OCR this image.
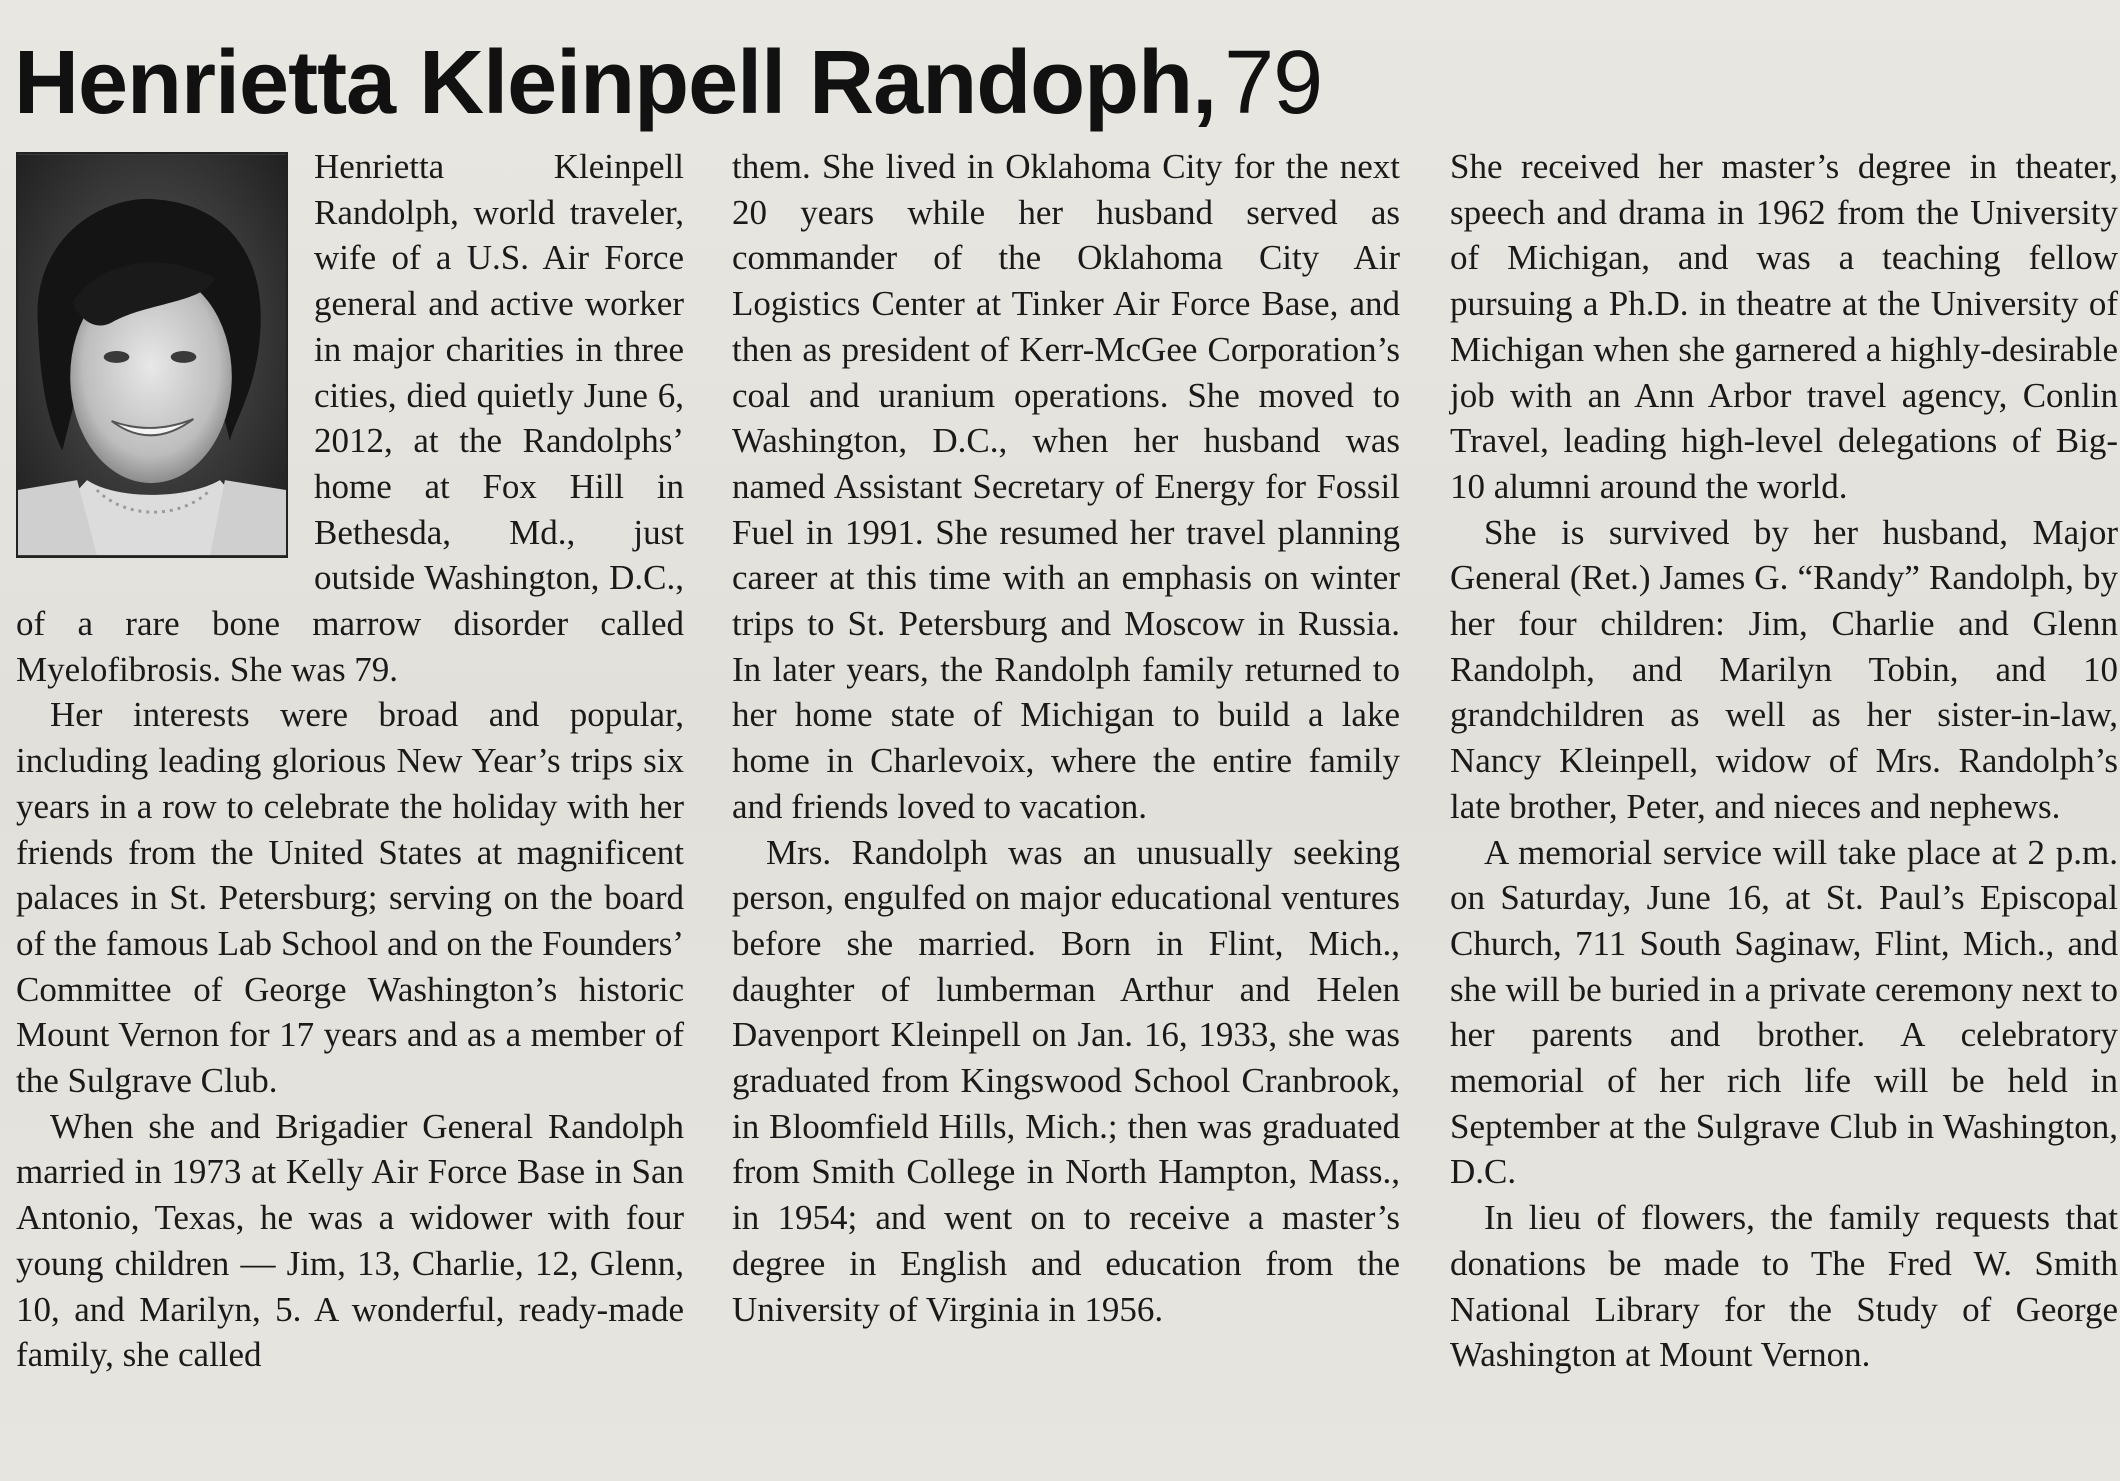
Henrietta Kleinpell Randoph,79

Henrietta Kleinpell Randolph, world traveler, wife of a U.S. Air Force general and active worker in major charities in three cities, died quietly June 6, 2012, at the Randolphs’ home at Fox Hill in Bethesda, Md., just outside Washington, D.C., of a rare bone marrow disorder called Myelofibrosis. She was 79.

Her interests were broad and popular, including leading glorious New Year’s trips six years in a row to celebrate the holiday with her friends from the United States at magnificent palaces in St. Petersburg; serving on the board of the famous Lab School and on the Founders’ Committee of George Washington’s historic Mount Vernon for 17 years and as a member of the Sulgrave Club.

When she and Brigadier General Randolph married in 1973 at Kelly Air Force Base in San Antonio, Texas, he was a widower with four young children — Jim, 13, Charlie, 12, Glenn, 10, and Marilyn, 5. A wonderful, ready-made family, she called

them. She lived in Oklahoma City for the next 20 years while her husband served as commander of the Oklahoma City Air Logistics Center at Tinker Air Force Base, and then as president of Kerr-McGee Corporation’s coal and uranium operations. She moved to Washington, D.C., when her husband was named Assistant Secretary of Energy for Fossil Fuel in 1991. She resumed her travel planning career at this time with an emphasis on winter trips to St. Petersburg and Moscow in Russia. In later years, the Randolph family returned to her home state of Michigan to build a lake home in Charlevoix, where the entire family and friends loved to vacation.

Mrs. Randolph was an unusually seeking person, engulfed on major educational ventures before she married. Born in Flint, Mich., daughter of lumberman Arthur and Helen Davenport Kleinpell on Jan. 16, 1933, she was graduated from Kingswood School Cranbrook, in Bloomfield Hills, Mich.; then was graduated from Smith College in North Hampton, Mass., in 1954; and went on to receive a master’s degree in English and education from the University of Virginia in 1956.

She received her master’s degree in theater, speech and drama in 1962 from the University of Michigan, and was a teaching fellow pursuing a Ph.D. in theatre at the University of Michigan when she garnered a highly-desirable job with an Ann Arbor travel agency, Conlin Travel, leading high-level delegations of Big-10 alumni around the world.

She is survived by her husband, Major General (Ret.) James G. “Randy” Randolph, by her four children: Jim, Charlie and Glenn Randolph, and Marilyn Tobin, and 10 grandchildren as well as her sister-in-law, Nancy Kleinpell, widow of Mrs. Randolph’s late brother, Peter, and nieces and nephews.

A memorial service will take place at 2 p.m. on Saturday, June 16, at St. Paul’s Episcopal Church, 711 South Saginaw, Flint, Mich., and she will be buried in a private ceremony next to her parents and brother. A celebratory memorial of her rich life will be held in September at the Sulgrave Club in Washington, D.C.

In lieu of flowers, the family requests that donations be made to The Fred W. Smith National Library for the Study of George Washington at Mount Vernon.
